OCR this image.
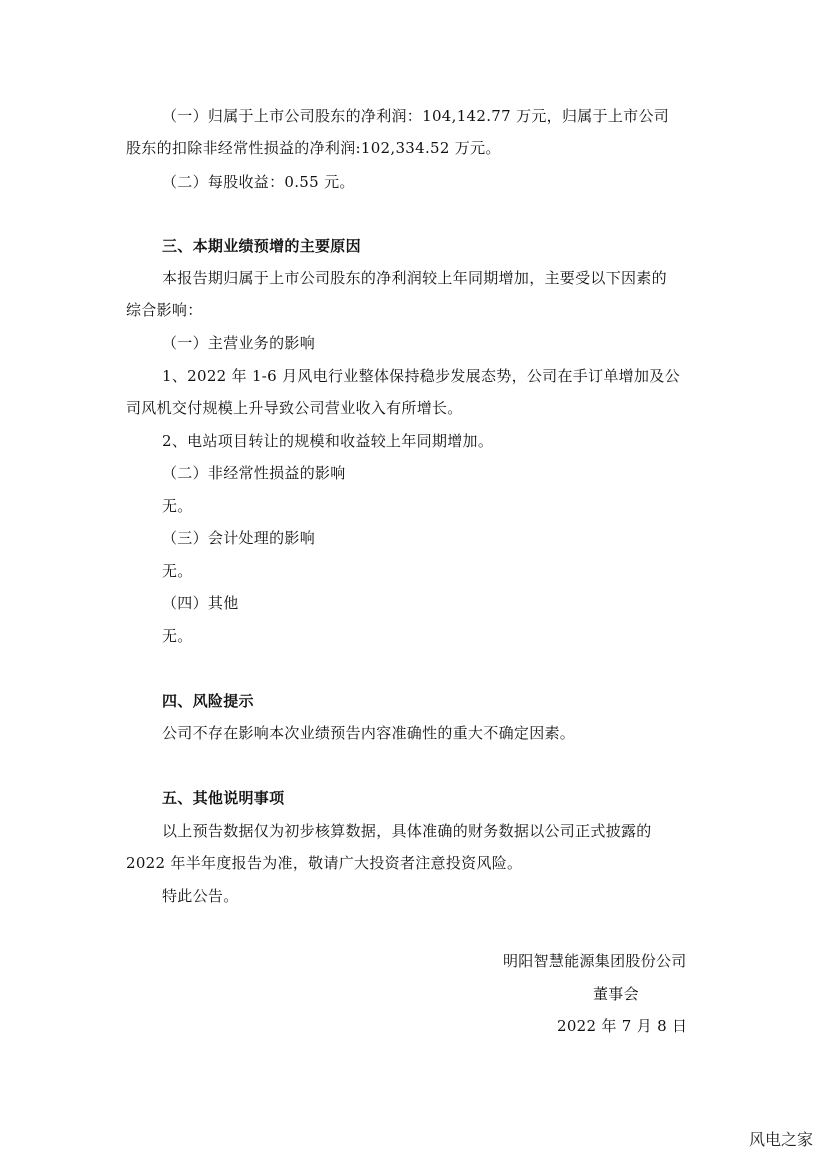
（一）归属于上市公司股东的净利润：104,142.77 万元，归属于上市公司
股东的扣除非经常性损益的净利润:102,334.52 万元。
（二）每股收益：0.55 元。
三、本期业绩预增的主要原因
本报告期归属于上市公司股东的净利润较上年同期增加，主要受以下因素的
综合影响：
（一）主营业务的影响
1、2022 年 1-6 月风电行业整体保持稳步发展态势，公司在手订单增加及公
司风机交付规模上升导致公司营业收入有所增长。
2、电站项目转让的规模和收益较上年同期增加。
（二）非经常性损益的影响
无。
（三）会计处理的影响
无。
（四）其他
无。
四、风险提示
公司不存在影响本次业绩预告内容准确性的重大不确定因素。
五、其他说明事项
以上预告数据仅为初步核算数据，具体准确的财务数据以公司正式披露的
2022 年半年度报告为准，敬请广大投资者注意投资风险。
特此公告。
明阳智慧能源集团股份公司
董事会
2022 年 7 月 8 日
风电之家
